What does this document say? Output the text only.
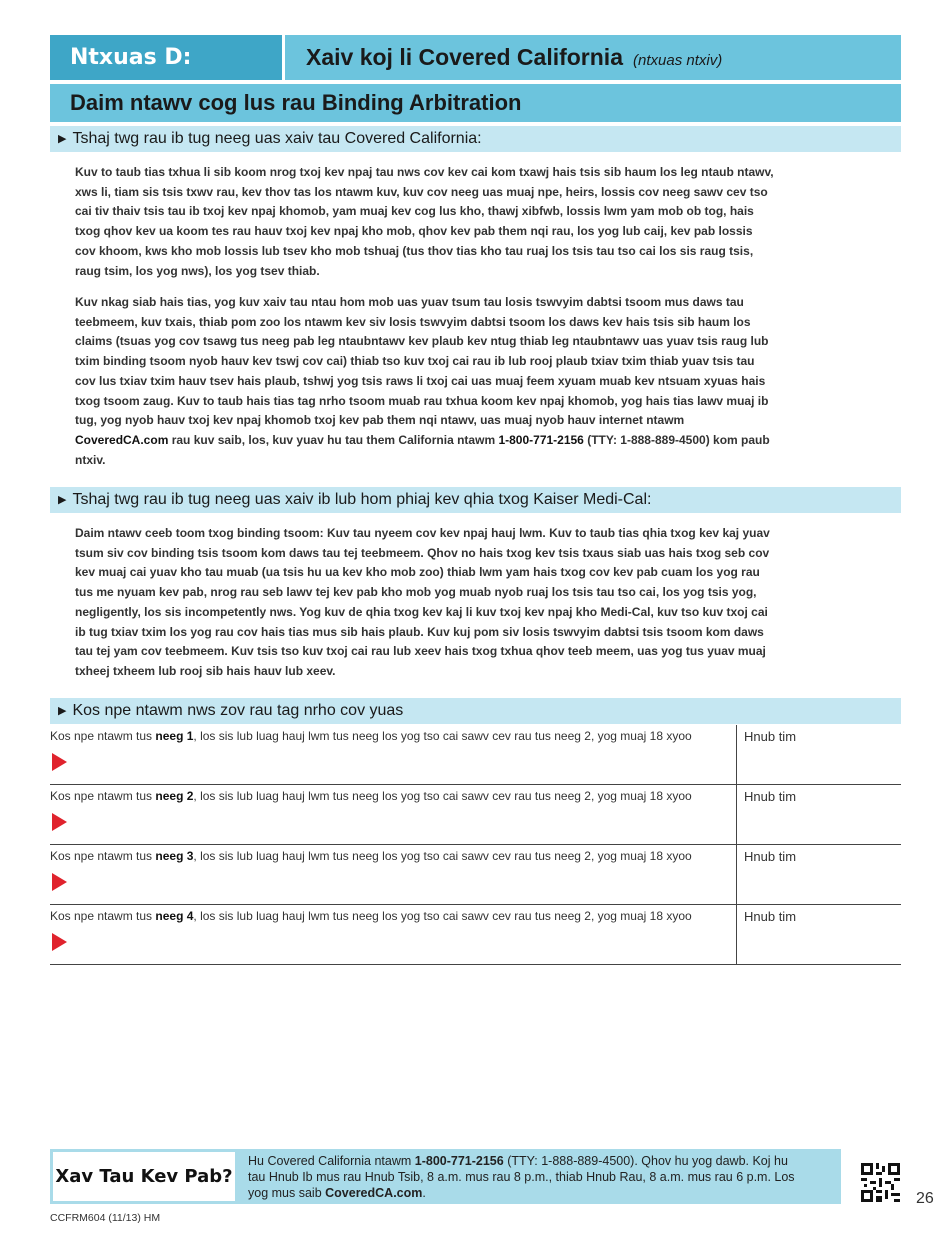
Ntxuas D:	Xaiv koj li Covered California (ntxuas ntxiv)
Daim ntawv cog lus rau Binding Arbitration
▶ Tshaj twg rau ib tug neeg uas xaiv tau Covered California:

Kuv to taub tias txhua li sib koom nrog txoj kev npaj tau nws cov kev cai kom txawj hais tsis sib haum los leg ntaub ntawv, xws li, tiam sis tsis txwv rau, kev thov tas los ntawm kuv, kuv cov neeg uas muaj npe, heirs, lossis cov neeg sawv cev tso cai tiv thaiv tsis tau ib txoj kev npaj khomob, yam muaj kev cog lus kho, thawj xibfwb, lossis lwm yam mob ob tog, hais txog qhov kev ua koom tes rau hauv txoj kev npaj kho mob, qhov kev pab them nqi rau, los yog lub caij, kev pab lossis cov khoom, kws kho mob lossis lub tsev kho mob tshuaj (tus thov tias kho tau ruaj los tsis tau tso cai los sis raug tsis, raug tsim, los yog nws), los yog tsev thiab.

Kuv nkag siab hais tias, yog kuv xaiv tau ntau hom mob uas yuav tsum tau losis tswvyim dabtsi tsoom mus daws tau teebmeem, kuv txais, thiab pom zoo los ntawm kev siv losis tswvyim dabtsi tsoom los daws kev hais tsis sib haum los claims (tsuas yog cov tsawg tus neeg pab leg ntaubntawv kev plaub kev ntug thiab leg ntaubntawv uas yuav tsis raug lub txim binding tsoom nyob hauv kev tswj cov cai) thiab tso kuv txoj cai rau ib lub rooj plaub txiav txim thiab yuav tsis tau cov lus txiav txim hauv tsev hais plaub, tshwj yog tsis raws li txoj cai uas muaj feem xyuam muab kev ntsuam xyuas hais txog tsoom zaug. Kuv to taub hais tias tag nrho tsoom muab rau txhua koom kev npaj khomob, yog hais tias lawv muaj ib tug, yog nyob hauv txoj kev npaj khomob txoj kev pab them nqi ntawv, uas muaj nyob hauv internet ntawm CoveredCA.com rau kuv saib, los, kuv yuav hu tau them California ntawm 1-800-771-2156 (TTY: 1-888-889-4500) kom paub ntxiv.

▶ Tshaj twg rau ib tug neeg uas xaiv ib lub hom phiaj kev qhia txog Kaiser Medi-Cal:

Daim ntawv ceeb toom txog binding tsoom: Kuv tau nyeem cov kev npaj hauj lwm. Kuv to taub tias qhia txog kev kaj yuav tsum siv cov binding tsis tsoom kom daws tau tej teebmeem. Qhov no hais txog kev tsis txaus siab uas hais txog seb cov kev muaj cai yuav kho tau muab (ua tsis hu ua kev kho mob zoo) thiab lwm yam hais txog cov kev pab cuam los yog rau tus me nyuam kev pab, nrog rau seb lawv tej kev pab kho mob yog muab nyob ruaj los tsis tau tso cai, los yog tsis yog, negligently, los sis incompetently nws. Yog kuv de qhia txog kev kaj li kuv txoj kev npaj kho Medi-Cal, kuv tso kuv txoj cai ib tug txiav txim los yog rau cov hais tias mus sib hais plaub. Kuv kuj pom siv losis tswvyim dabtsi tsis tsoom kom daws tau tej yam cov teebmeem. Kuv tsis tso kuv txoj cai rau lub xeev hais txog txhua qhov teeb meem, uas yog tus yuav muaj txheej txheem lub rooj sib hais hauv lub xeev.

▶ Kos npe ntawm nws zov rau tag nrho cov yuas
Kos npe ntawm tus neeg 1, los sis lub luag hauj lwm tus neeg los yog tso cai sawv cev rau tus neeg 2, yog muaj 18 xyoo	Hnub tim
Kos npe ntawm tus neeg 2, los sis lub luag hauj lwm tus neeg los yog tso cai sawv cev rau tus neeg 2, yog muaj 18 xyoo	Hnub tim
Kos npe ntawm tus neeg 3, los sis lub luag hauj lwm tus neeg los yog tso cai sawv cev rau tus neeg 2, yog muaj 18 xyoo	Hnub tim
Kos npe ntawm tus neeg 4, los sis lub luag hauj lwm tus neeg los yog tso cai sawv cev rau tus neeg 2, yog muaj 18 xyoo	Hnub tim
Xav Tau Kev Pab?
Hu Covered California ntawm 1-800-771-2156 (TTY: 1-888-889-4500). Qhov hu yog dawb. Koj hu tau Hnub Ib mus rau Hnub Tsib, 8 a.m. mus rau 8 p.m., thiab Hnub Rau, 8 a.m. mus rau 6 p.m. Los yog mus saib CoveredCA.com.	26
CCFRM604 (11/13) HM
